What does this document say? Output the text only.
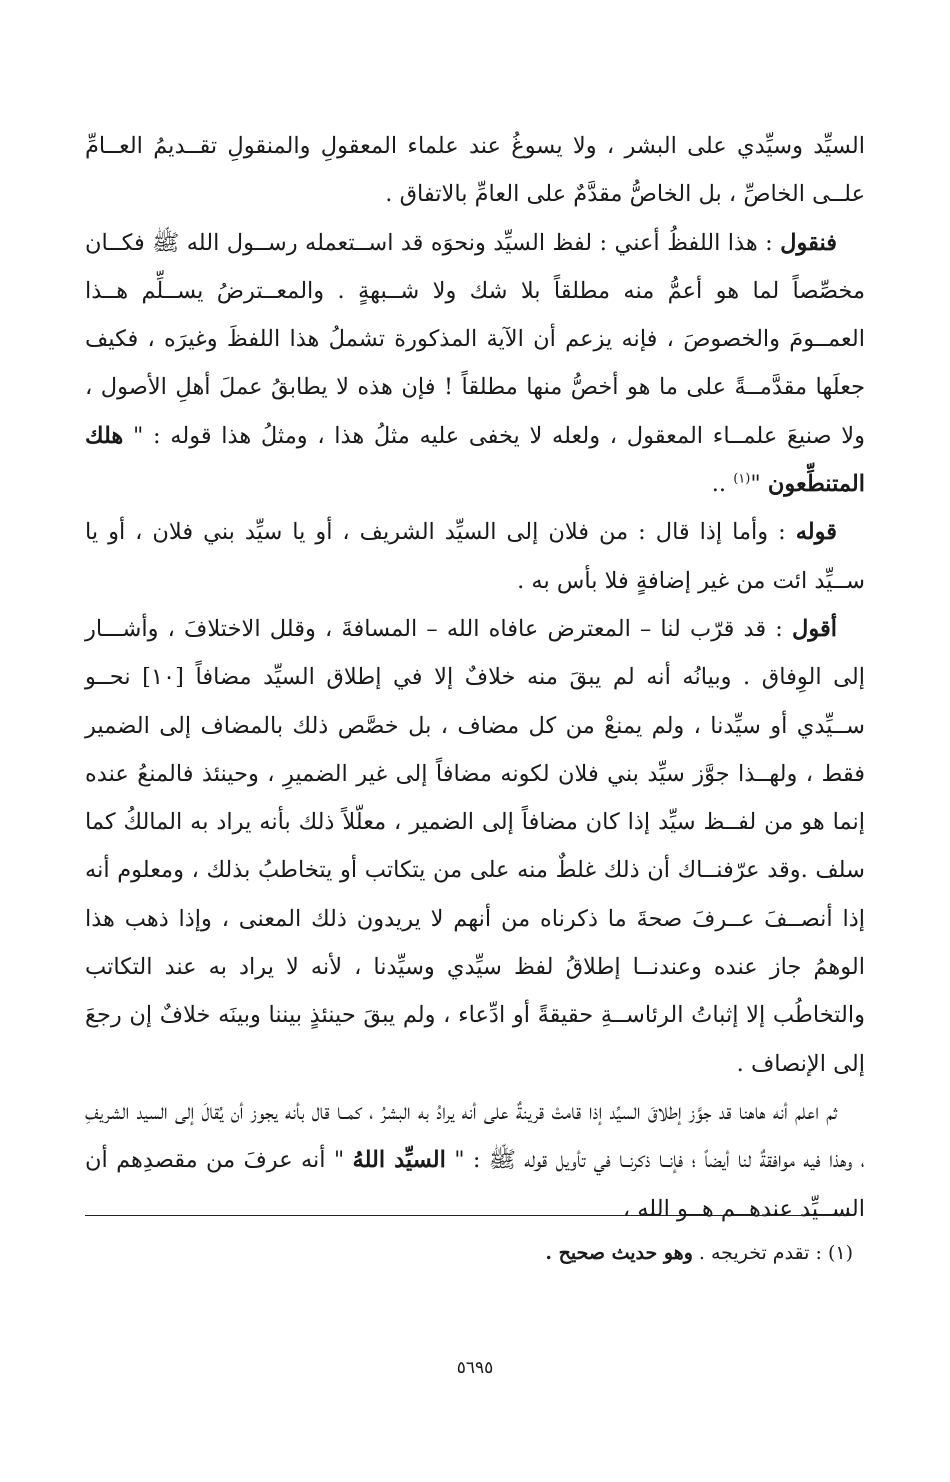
السيِّد وسيِّدي على البشر ، ولا يسوغُ عند علماء المعقولِ والمنقولِ تقــديمُ العــامِّ علــى الخاصِّ ، بل الخاصُّ مقدَّمٌ على العامِّ بالاتفاق .

فنقول : هذا اللفظُ أعني : لفظ السيِّد ونحوَه قد اســتعمله رســول الله ﷺ فكــان مخصِّصاً لما هو أعمُّ منه مطلقاً بلا شك ولا شــبهةٍ . والمعــترضُ يســلِّم هــذا العمــومَ والخصوصَ ، فإنه يزعم أن الآية المذكورة تشملُ هذا اللفظَ وغيرَه ، فكيف جعلَها مقدَّمــةً على ما هو أخصُّ منها مطلقاً ! فإن هذه لا يطابقُ عملَ أهلِ الأصول ، ولا صنيعَ علمــاء المعقول ، ولعله لا يخفى عليه مثلُ هذا ، ومثلُ هذا قوله : " هلك المتنطِّعون "$^{(١)}$ ..

قوله : وأما إذا قال : من فلان إلى السيِّد الشريف ، أو يا سيِّد بني فلان ، أو يا ســيِّد ائت من غير إضافةٍ فلا بأس به .

أقول : قد قرّب لنا – المعترض عافاه الله – المسافةَ ، وقلل الاختلافَ ، وأشـــار إلى الوِفاق . وبيانُه أنه لم يبقَ منه خلافٌ إلا في إطلاق السيِّد مضافاً [١٠] نحــو ســيِّدي أو سيِّدنا ، ولم يمنعْ من كل مضاف ، بل خصَّص ذلك بالمضاف إلى الضمير فقط ، ولهــذا جوَّز سيِّد بني فلان لكونه مضافاً إلى غير الضميرِ ، وحينئذ فالمنعُ عنده إنما هو من لفــظ سيِّد إذا كان مضافاً إلى الضمير ، معلّلاً ذلك بأنه يراد به المالكُ كما سلف .وقد عرّفنــاك أن ذلك غلطٌ منه على من يتكاتب أو يتخاطبُ بذلك ، ومعلوم أنه إذا أنصــفَ عــرفَ صحةَ ما ذكرناه من أنهم لا يريدون ذلك المعنى ، وإذا ذهب هذا الوهمُ جاز عنده وعندنــا إطلاقُ لفظ سيِّدي وسيِّدنا ، لأنه لا يراد به عند التكاتب والتخاطُب إلا إثباتُ الرئاســةِ حقيقةً أو ادِّعاء ، ولم يبقَ حينئذٍ بيننا وبينَه خلافٌ إن رجعَ إلى الإنصاف .

ثم اعلم أنه هاهنا قد جوَّز إطلاقَ السيِّد إذا قامتْ قرينةٌ على أنه يرادُ به البشرُ ، كمــا قال بأنه يجوز أن يُقالَ إلى السيد الشريفِ ، وهذا فيه موافقةٌ لنا أيضاً ؛ فإنــا ذكرنــا في تأويل قوله ﷺ : " السيِّد اللهُ " أنه عرفَ من مقصدِهم أن الســيِّد عندهــم هــو الله ،

(١) : تقدم تخريجه . وهو حديث صحيح .
٥٦٩٥
